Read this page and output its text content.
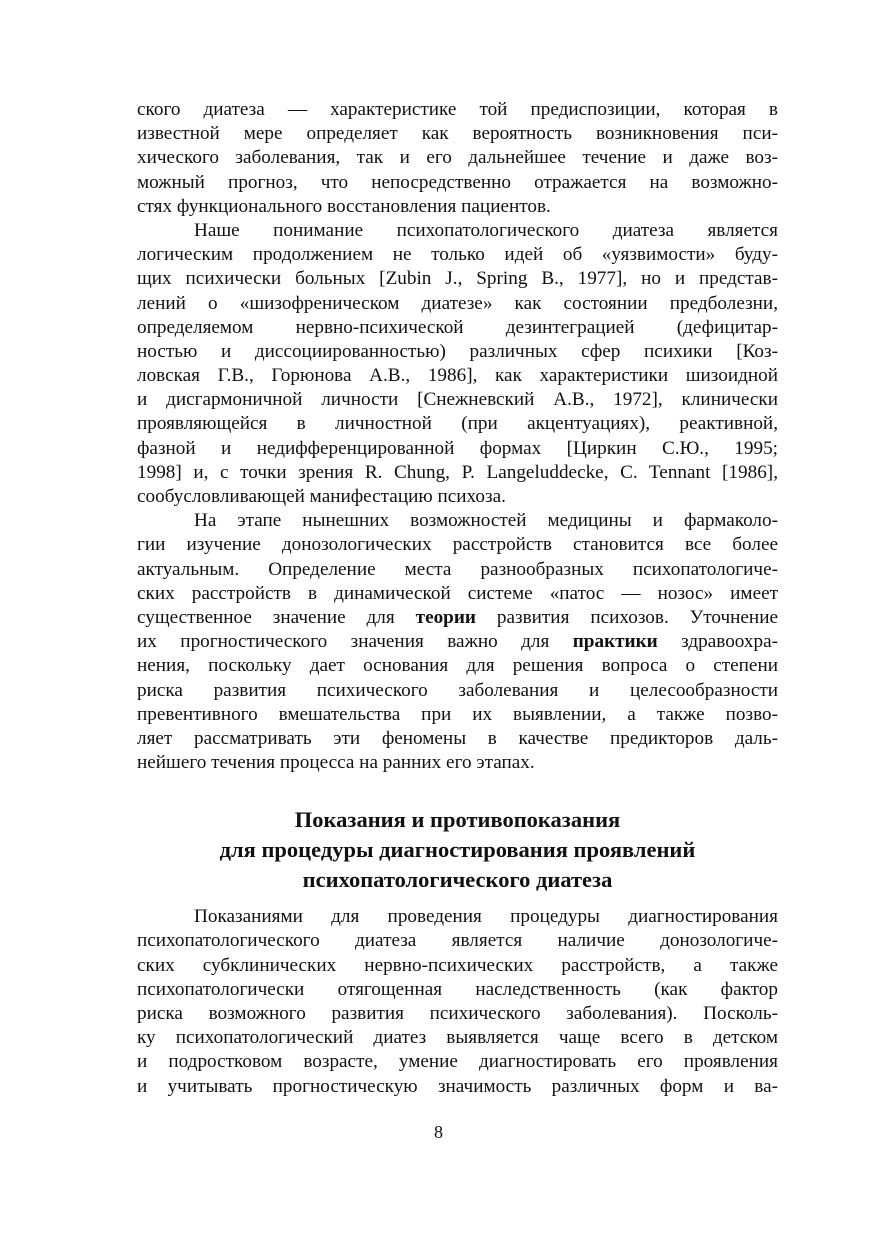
ского диатеза — характеристике той предиспозиции, которая в
известной мере определяет как вероятность возникновения пси-
хического заболевания, так и его дальнейшее течение и даже воз-
можный прогноз, что непосредственно отражается на возможно-
стях функционального восстановления пациентов.
Наше понимание психопатологического диатеза является
логическим продолжением не только идей об «уязвимости» буду-
щих психически больных [Zubin J., Spring B., 1977], но и представ-
лений о «шизофреническом диатезе» как состоянии предболезни,
определяемом нервно-психической дезинтеграцией (дефицитар-
ностью и диссоциированностью) различных сфер психики [Коз-
ловская Г.В., Горюнова А.В., 1986], как характеристики шизоидной
и дисгармоничной личности [Снежневский А.В., 1972], клинически
проявляющейся в личностной (при акцентуациях), реактивной,
фазной и недифференцированной формах [Циркин С.Ю., 1995;
1998] и, с точки зрения R. Chung, P. Langeluddecke, C. Tennant [1986],
сообусловливающей манифестацию психоза.
На этапе нынешних возможностей медицины и фармаколо-
гии изучение донозологических расстройств становится все более
актуальным. Определение места разнообразных психопатологиче-
ских расстройств в динамической системе «патос — нозос» имеет
существенное значение для теории развития психозов. Уточнение
их прогностического значения важно для практики здравоохра-
нения, поскольку дает основания для решения вопроса о степени
риска развития психического заболевания и целесообразности
превентивного вмешательства при их выявлении, а также позво-
ляет рассматривать эти феномены в качестве предикторов даль-
нейшего течения процесса на ранних его этапах.
Показания и противопоказания
для процедуры диагностирования проявлений
психопатологического диатеза
Показаниями для проведения процедуры диагностирования
психопатологического диатеза является наличие донозологиче-
ских субклинических нервно-психических расстройств, а также
психопатологически отягощенная наследственность (как фактор
риска возможного развития психического заболевания). Посколь-
ку психопатологический диатез выявляется чаще всего в детском
и подростковом возрасте, умение диагностировать его проявления
и учитывать прогностическую значимость различных форм и ва-
8
